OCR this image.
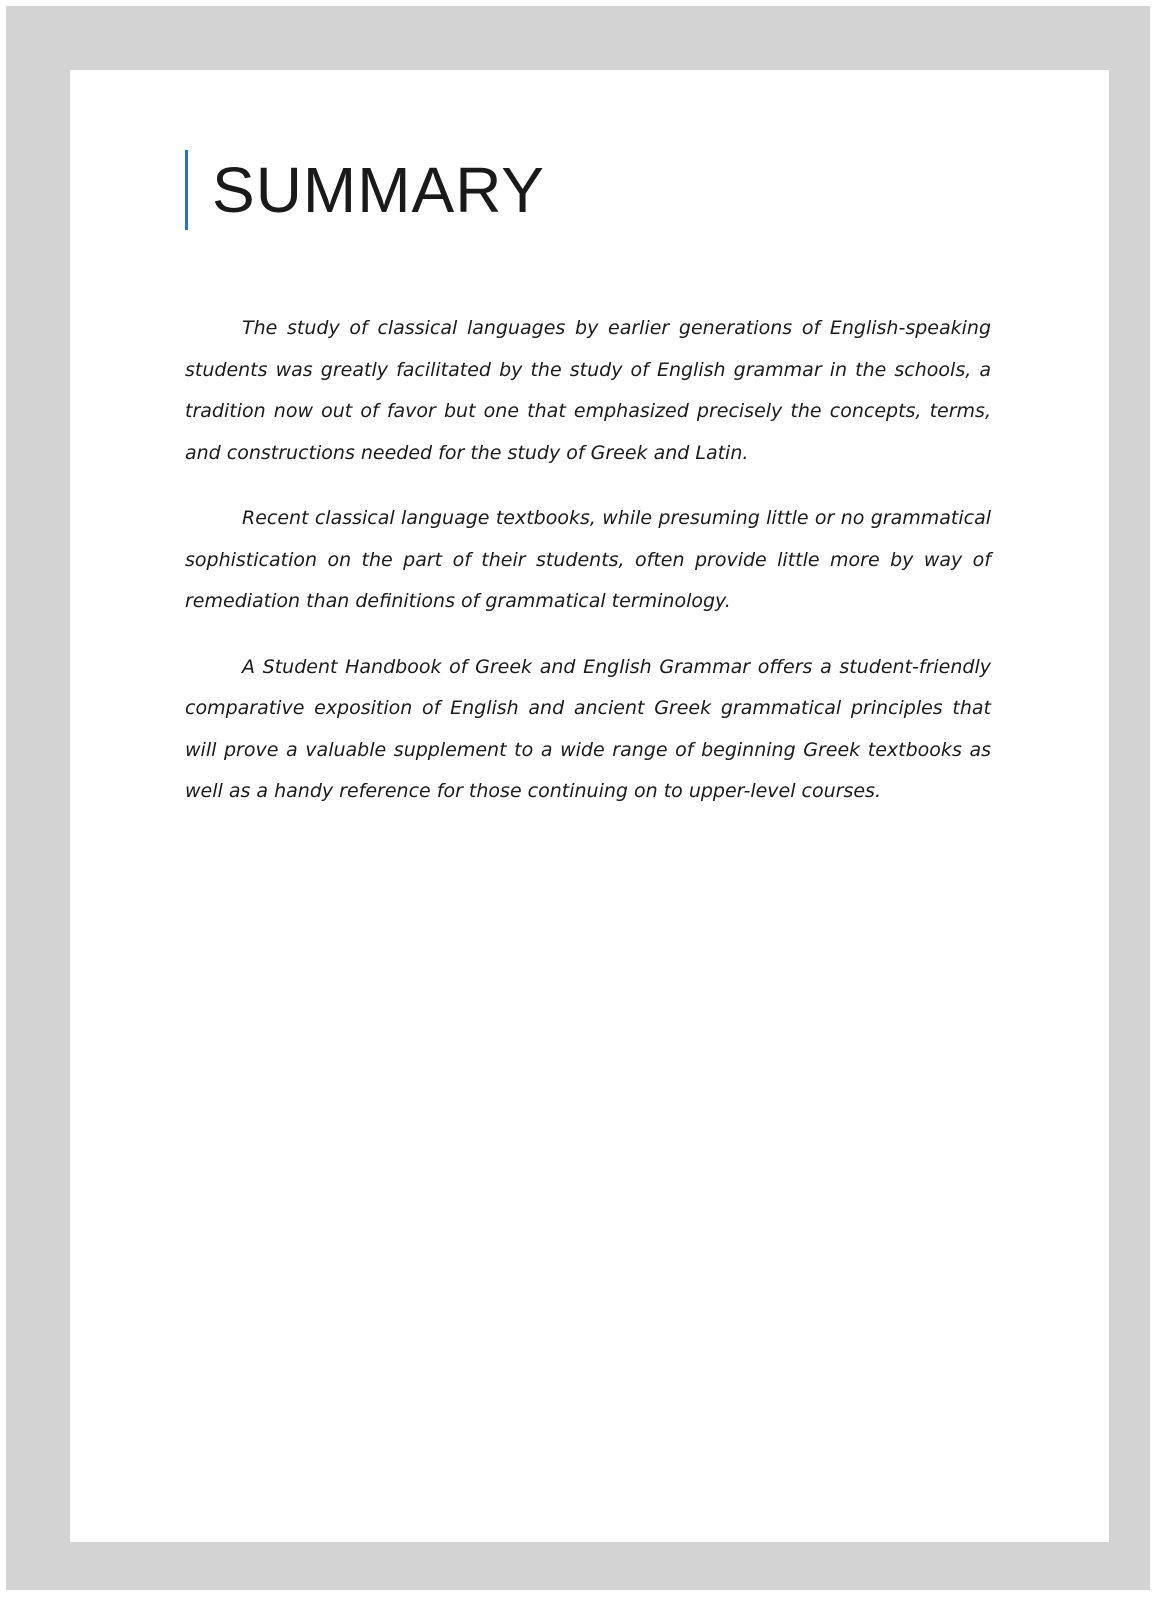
SUMMARY

The study of classical languages by earlier generations of English-speaking students was greatly facilitated by the study of English grammar in the schools, a tradition now out of favor but one that emphasized precisely the concepts, terms, and constructions needed for the study of Greek and Latin.

Recent classical language textbooks, while presuming little or no grammatical sophistication on the part of their students, often provide little more by way of remediation than definitions of grammatical terminology.

A Student Handbook of Greek and English Grammar offers a student-friendly comparative exposition of English and ancient Greek grammatical principles that will prove a valuable supplement to a wide range of beginning Greek textbooks as well as a handy reference for those continuing on to upper-level courses.
